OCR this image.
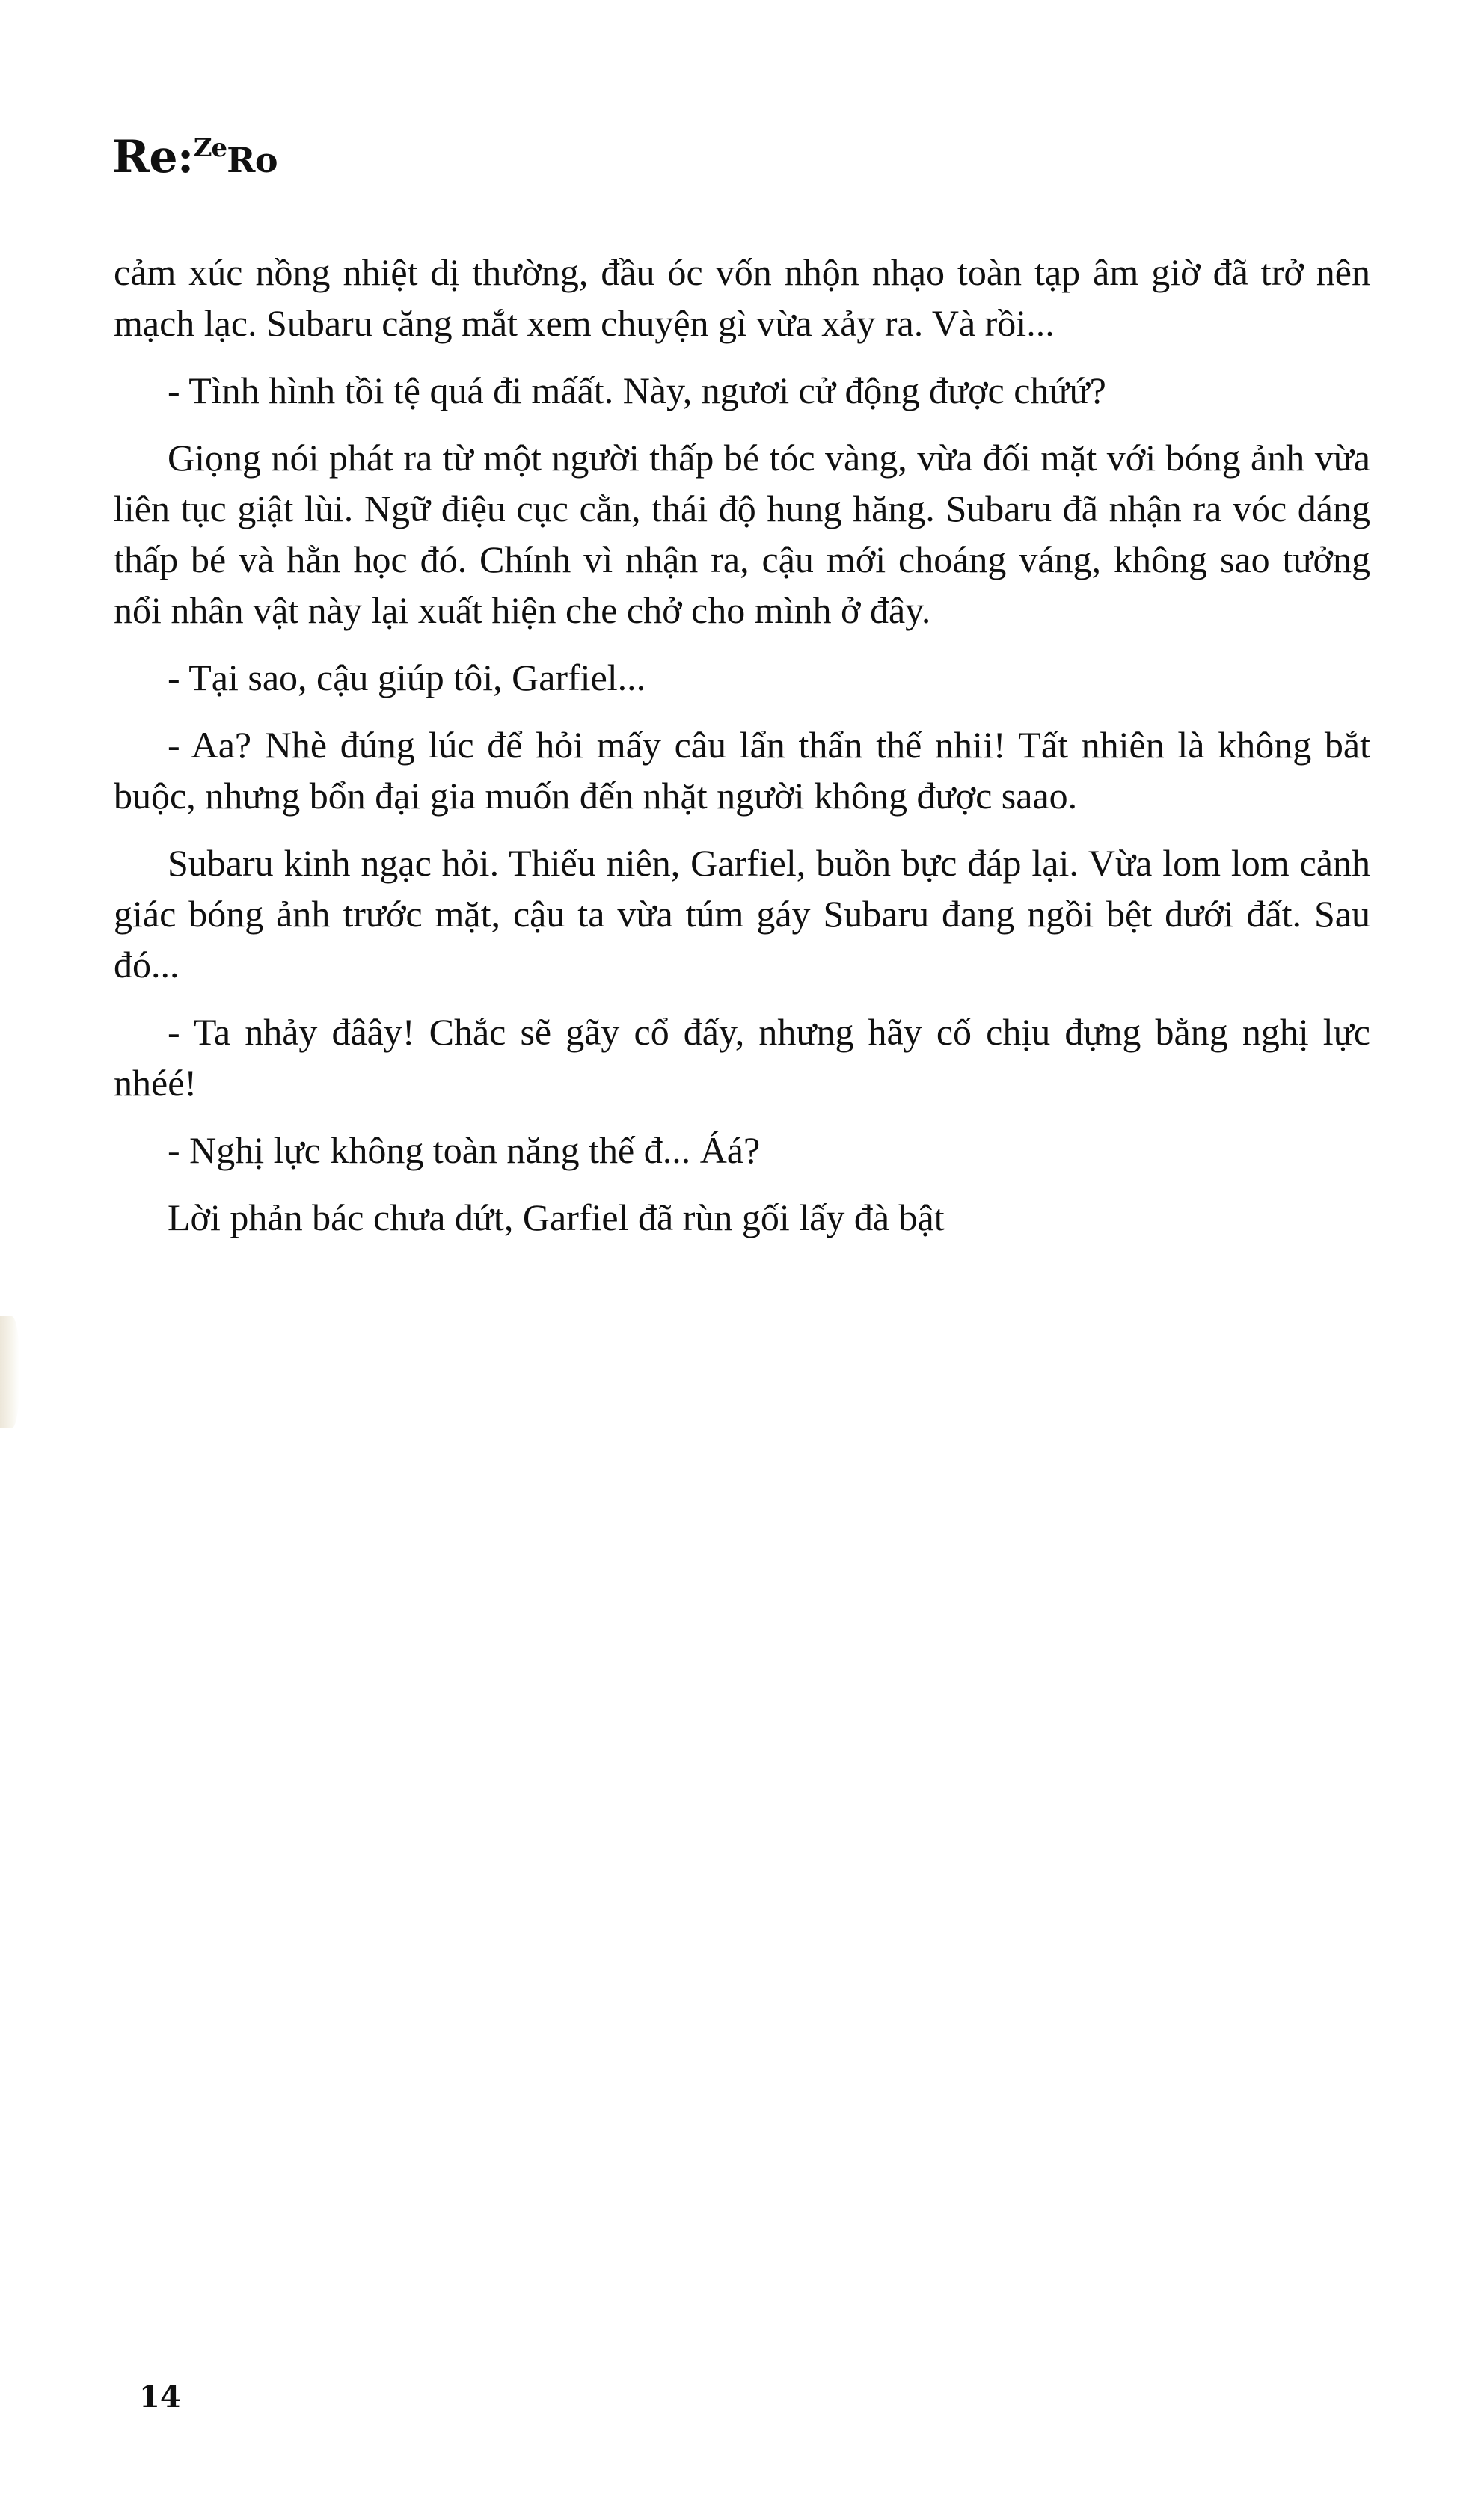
Re:$^{Ze}$Ro

cảm xúc nồng nhiệt dị thường, đầu óc vốn nhộn nhạo toàn tạp âm giờ đã trở nên mạch lạc. Subaru căng mắt xem chuyện gì vừa xảy ra. Và rồi...

- Tình hình tồi tệ quá đi mấất. Này, ngươi cử động được chứứ?

Giọng nói phát ra từ một người thấp bé tóc vàng, vừa đối mặt với bóng ảnh vừa liên tục giật lùi. Ngữ điệu cục cằn, thái độ hung hăng. Subaru đã nhận ra vóc dáng thấp bé và hằn học đó. Chính vì nhận ra, cậu mới choáng váng, không sao tưởng nổi nhân vật này lại xuất hiện che chở cho mình ở đây.

- Tại sao, cậu giúp tôi, Garfiel...

- Aa? Nhè đúng lúc để hỏi mấy câu lẩn thẩn thế nhii! Tất nhiên là không bắt buộc, nhưng bổn đại gia muốn đến nhặt người không được saao.

Subaru kinh ngạc hỏi. Thiếu niên, Garfiel, buồn bực đáp lại. Vừa lom lom cảnh giác bóng ảnh trước mặt, cậu ta vừa túm gáy Subaru đang ngồi bệt dưới đất. Sau đó...

- Ta nhảy đâây! Chắc sẽ gãy cổ đấy, nhưng hãy cố chịu đựng bằng nghị lực nhéé!

- Nghị lực không toàn năng thế đ... Áá?

Lời phản bác chưa dứt, Garfiel đã rùn gối lấy đà bật

14
